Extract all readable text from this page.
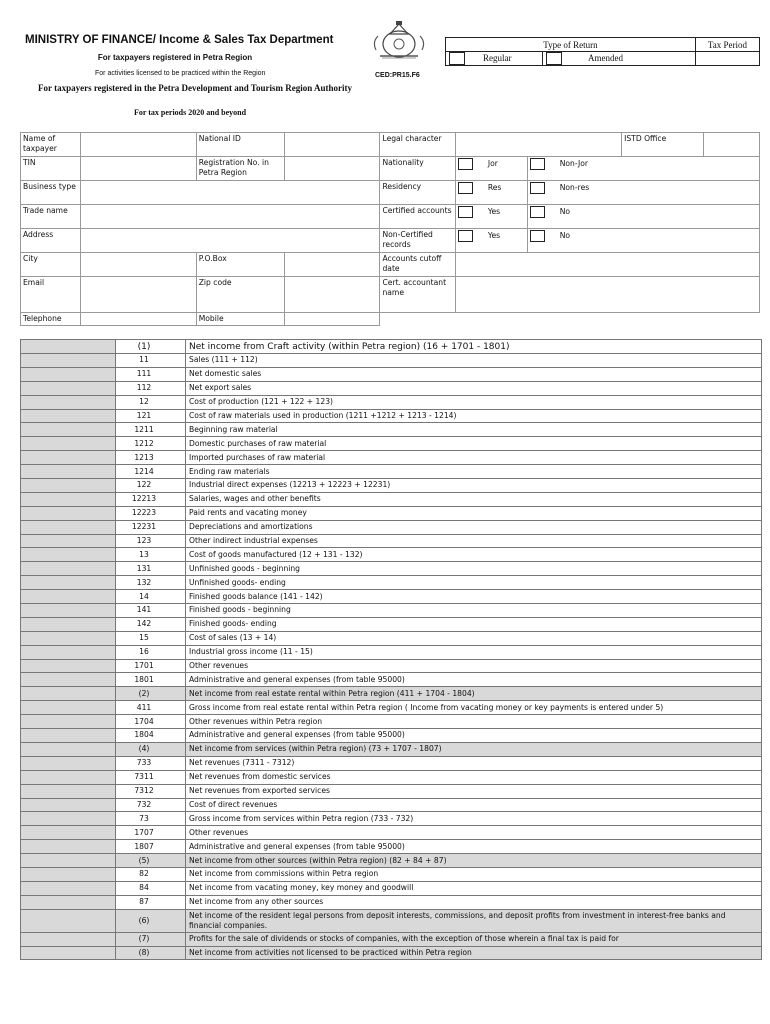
MINISTRY OF FINANCE/ Income & Sales Tax Department
For taxpayers registered in Petra Region
For activities licensed to be practiced within the Region
For taxpayers registered in the Petra Development and Tourism Region Authority
For tax periods 2020 and beyond
CED:PR15.F6
Type of Return		Tax Period
Regular	Amended	
Name of taxpayer		National ID		Legal character			ISTD Office	
TIN		Registration No. in Petra Region		Nationality	Jor	Non-Jor		
Business type				Residency	Res	Non-res		
Trade name				Certified accounts	Yes	No		
Address				Non-Certified records	Yes	No		
City		P.O.Box		Accounts cutoff date				
Email		Zip code		Cert. accountant name				
Telephone		Mobile						
	(1)	Net income from Craft activity (within Petra region) (16 + 1701 - 1801)
	11	Sales (111 + 112)
	111	Net domestic sales
	112	Net export sales
	12	Cost of production (121 + 122 + 123)
	121	Cost of raw materials used in production (1211 +1212 + 1213 - 1214)
	1211	Beginning raw material
	1212	Domestic purchases of raw material
	1213	Imported purchases of raw material
	1214	Ending raw materials
	122	Industrial direct expenses (12213 + 12223 + 12231)
	12213	Salaries, wages and other benefits
	12223	Paid rents and vacating money
	12231	Depreciations and amortizations
	123	Other indirect industrial expenses
	13	Cost of goods manufactured (12 + 131 - 132)
	131	Unfinished goods - beginning
	132	Unfinished goods- ending
	14	Finished goods balance (141 - 142)
	141	Finished goods - beginning
	142	Finished goods- ending
	15	Cost of sales (13 + 14)
	16	Industrial gross income (11 - 15)
	1701	Other revenues
	1801	Administrative and general expenses (from table 95000)
	(2)	Net income from real estate rental within Petra region (411 + 1704 - 1804)
	411	Gross income from real estate rental within Petra region ( Income from vacating money or key payments is entered under 5)
	1704	Other revenues within Petra region
	1804	Administrative and general expenses (from table 95000)
	(4)	Net income from services (within Petra region) (73 + 1707 - 1807)
	733	Net revenues (7311 - 7312)
	7311	Net revenues from domestic services
	7312	Net revenues from exported services
	732	Cost of direct revenues
	73	Gross income from services within Petra region (733 - 732)
	1707	Other revenues
	1807	Administrative and general expenses (from table 95000)
	(5)	Net income from other sources (within Petra region) (82 + 84 + 87)
	82	Net income from commissions within Petra region
	84	Net income from vacating money, key money and goodwill
	87	Net income from any other sources
	(6)	Net income of the resident legal persons from deposit interests, commissions, and deposit profits from investment in interest-free banks and financial companies.
	(7)	Profits for the sale of dividends or stocks of companies, with the exception of those wherein a final tax is paid for
	(8)	Net income from activities not licensed to be practiced within Petra region
